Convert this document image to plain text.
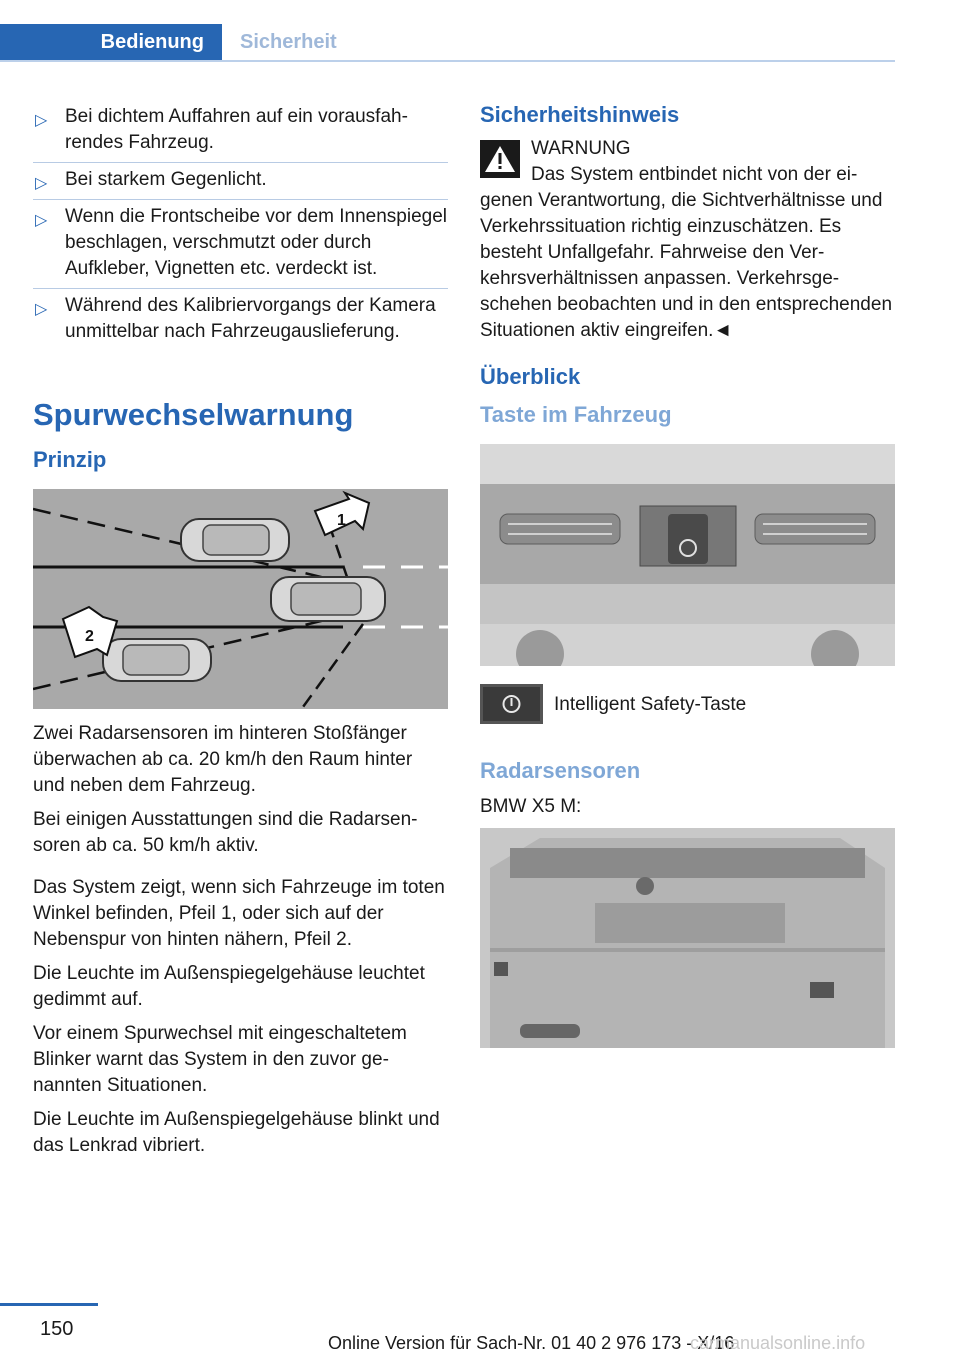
Bedienung	Sicherheit
▷ Bei dichtem Auffahren auf ein vorausfahrendes Fahrzeug.
▷ Bei starkem Gegenlicht.
▷ Wenn die Frontscheibe vor dem Innenspiegel beschlagen, verschmutzt oder durch Aufkleber, Vignetten etc. verdeckt ist.
▷ Während des Kalibriervorgangs der Kamera unmittelbar nach Fahrzeugauslieferung.
Spurwechselwarnung
Prinzip
1
2

Zwei Radarsensoren im hinteren Stoßfänger überwachen ab ca. 20 km/h den Raum hinter und neben dem Fahrzeug.

Bei einigen Ausstattungen sind die Radarsensoren ab ca. 50 km/h aktiv.

Das System zeigt, wenn sich Fahrzeuge im toten Winkel befinden, Pfeil 1, oder sich auf der Nebenspur von hinten nähern, Pfeil 2.

Die Leuchte im Außenspiegelgehäuse leuchtet gedimmt auf.

Vor einem Spurwechsel mit eingeschaltetem Blinker warnt das System in den zuvor genannten Situationen.

Die Leuchte im Außenspiegelgehäuse blinkt und das Lenkrad vibriert.

Sicherheitshinweis
WARNUNG

Das System entbindet nicht von der eigenen Verantwortung, die Sichtverhältnisse und Verkehrssituation richtig einzuschätzen. Es besteht Unfallgefahr. Fahrweise den Verkehrsverhältnissen anpassen. Verkehrsgeschehen beobachten und in den entsprechenden Situationen aktiv eingreifen.◄

Überblick
Taste im Fahrzeug
Intelligent Safety-Taste
Radarsensoren

BMW X5 M:

150
Online Version für Sach-Nr. 01 40 2 976 173 - X/16
carmanualsonline.info
